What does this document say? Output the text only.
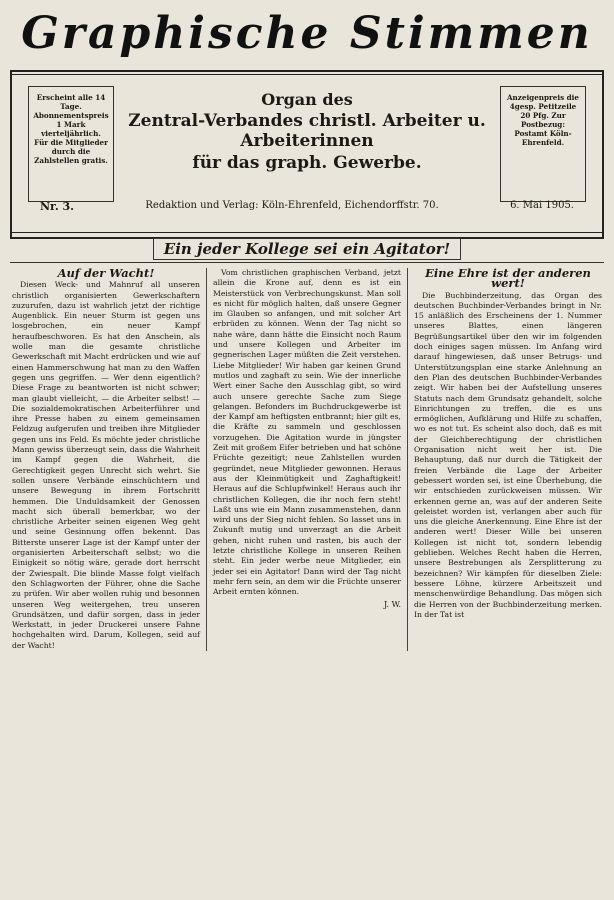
Graphische Stimmen
Erscheint alle 14 Tage. Abonnementspreis 1 Mark vierteljährlich. Für die Mitglieder durch die Zahlstellen gratis.
Anzeigenpreis die 4gesp. Petitzeile 20 Pfg. Zur Postbezug: Postamt Köln-Ehrenfeld.
Organ des
Zentral-Verbandes christl. Arbeiter u. Arbeiterinnen
für das graph. Gewerbe.
Nr. 3.	Redaktion und Verlag: Köln-Ehrenfeld, Eichendorffstr. 70.	6. Mai 1905.
Ein jeder Kollege sei ein Agitator!
Auf der Wacht!

Diesen Weck- und Mahnruf all unseren christlich organisierten Gewerkschaftern zuzurufen, dazu ist wahrlich jetzt der richtige Augenblick. Ein neuer Sturm ist gegen uns losgebrochen, ein neuer Kampf heraufbeschworen. Es hat den Anschein, als wolle man die gesamte christliche Gewerkschaft mit Macht erdrücken und wie auf einen Hammerschwung hat man zu den Waffen gegen uns gegriffen. — Wer denn eigentlich? Diese Frage zu beantworten ist nicht schwer; man glaubt vielleicht, — die Arbeiter selbst! — Die sozialdemokratischen Arbeiterführer und ihre Presse haben zu einem gemeinsamen Feldzug aufgerufen und treiben ihre Mitglieder gegen uns ins Feld. Es möchte jeder christliche Mann gewiss überzeugt sein, dass die Wahrheit im Kampf gegen die Wahrheit, die Gerechtigkeit gegen Unrecht sich wehrt. Sie sollen unsere Verbände einschüchtern und unsere Bewegung in ihrem Fortschritt hemmen. Die Unduldsamkeit der Genossen macht sich überall bemerkbar, wo der christliche Arbeiter seinen eigenen Weg geht und seine Gesinnung offen bekennt. Das Bitterste unserer Lage ist der Kampf unter der organisierten Arbeiterschaft selbst; wo die Einigkeit so nötig wäre, gerade dort herrscht der Zwiespalt. Die blinde Masse folgt vielfach den Schlagworten der Führer, ohne die Sache zu prüfen. Wir aber wollen ruhig und besonnen unseren Weg weitergehen, treu unseren Grundsätzen, und dafür sorgen, dass in jeder Werkstatt, in jeder Druckerei unsere Fahne hochgehalten wird. Darum, Kollegen, seid auf der Wacht!

Vom christlichen graphischen Verband, jetzt allein die Krone auf, denn es ist ein Meisterstück von Verbrechungskunst. Man soll es nicht für möglich halten, daß unsere Gegner im Glauben so anfangen, und mit solcher Art erbrüden zu können. Wenn der Tag nicht so nahe wäre, dann hätte die Einsicht noch Raum und unsere Kollegen und Arbeiter im gegnerischen Lager müßten die Zeit verstehen. Liebe Mitglieder! Wir haben gar keinen Grund mutlos und zaghaft zu sein. Wie der innerliche Wert einer Sache den Ausschlag gibt, so wird auch unsere gerechte Sache zum Siege gelangen. Befonders im Buchdruckgewerbe ist der Kampf am heftigsten entbrannt; hier gilt es, die Kräfte zu sammeln und geschlossen vorzugehen. Die Agitation wurde in jüngster Zeit mit großem Eifer betrieben und hat schöne Früchte gezeitigt; neue Zahlstellen wurden gegründet, neue Mitglieder gewonnen. Heraus aus der Kleinmütigkeit und Zaghaftigkeit! Heraus auf die Schlupfwinkel! Heraus auch ihr christlichen Kollegen, die ihr noch fern steht! Laßt uns wie ein Mann zusammenstehen, dann wird uns der Sieg nicht fehlen. So lasset uns in Zukunft mutig und unverzagt an die Arbeit gehen, nicht ruhen und rasten, bis auch der letzte christliche Kollege in unseren Reihen steht. Ein jeder werbe neue Mitglieder, ein jeder sei ein Agitator! Dann wird der Tag nicht mehr fern sein, an dem wir die Früchte unserer Arbeit ernten können.

J. W.
Eine Ehre ist der anderen wert!

Die Buchbinderzeitung, das Organ des deutschen Buchbinder-Verbandes bringt in Nr. 15 anläßlich des Erscheinens der 1. Nummer unseres Blattes, einen längeren Begrüßungsartikel über den wir im folgenden doch einiges sagen müssen. Im Anfang wird darauf hingewiesen, daß unser Betrugs- und Unterstützungsplan eine starke Anlehnung an den Plan des deutschen Buchbinder-Verbandes zeigt. Wir haben bei der Aufstellung unseres Statuts nach dem Grundsatz gehandelt, solche Einrichtungen zu treffen, die es uns ermöglichen, Aufklärung und Hilfe zu schaffen, wo es not tut. Es scheint also doch, daß es mit der Gleichberechtigung der christlichen Organisation nicht weit her ist. Die Behauptung, daß nur durch die Tätigkeit der freien Verbände die Lage der Arbeiter gebessert worden sei, ist eine Überhebung, die wir entschieden zurückweisen müssen. Wir erkennen gerne an, was auf der anderen Seite geleistet worden ist, verlangen aber auch für uns die gleiche Anerkennung. Eine Ehre ist der anderen wert! Dieser Wille bei unseren Kollegen ist nicht tot, sondern lebendig geblieben. Welches Recht haben die Herren, unsere Bestrebungen als Zersplitterung zu bezeichnen? Wir kämpfen für dieselben Ziele: bessere Löhne, kürzere Arbeitszeit und menschenwürdige Behandlung. Das mögen sich die Herren von der Buchbinderzeitung merken. In der Tat ist
